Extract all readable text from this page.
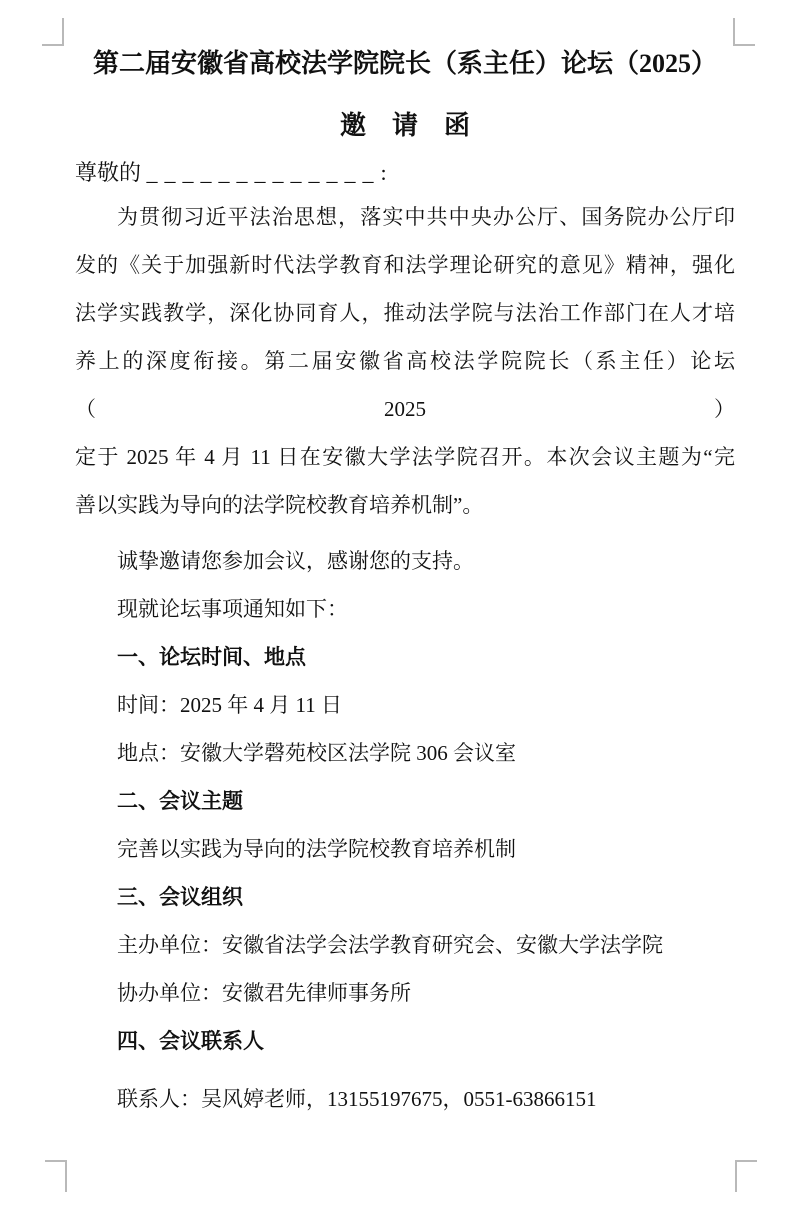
第二届安徽省高校法学院院长（系主任）论坛（2025）
邀　请　函
尊敬的 _____________:
为贯彻习近平法治思想，落实中共中央办公厅、国务院办公厅印
发的《关于加强新时代法学教育和法学理论研究的意见》精神，强化
法学实践教学，深化协同育人，推动法学院与法治工作部门在人才培
养上的深度衔接。第二届安徽省高校法学院院长（系主任）论坛（2025）
定于 2025 年 4 月 11 日在安徽大学法学院召开。本次会议主题为“完
善以实践为导向的法学院校教育培养机制”。
诚挚邀请您参加会议，感谢您的支持。
现就论坛事项通知如下：
一、论坛时间、地点
时间：2025 年 4 月 11 日
地点：安徽大学磬苑校区法学院 306 会议室
二、会议主题
完善以实践为导向的法学院校教育培养机制
三、会议组织
主办单位：安徽省法学会法学教育研究会、安徽大学法学院
协办单位：安徽君先律师事务所
四、会议联系人
联系人：吴风婷老师，13155197675，0551-63866151
